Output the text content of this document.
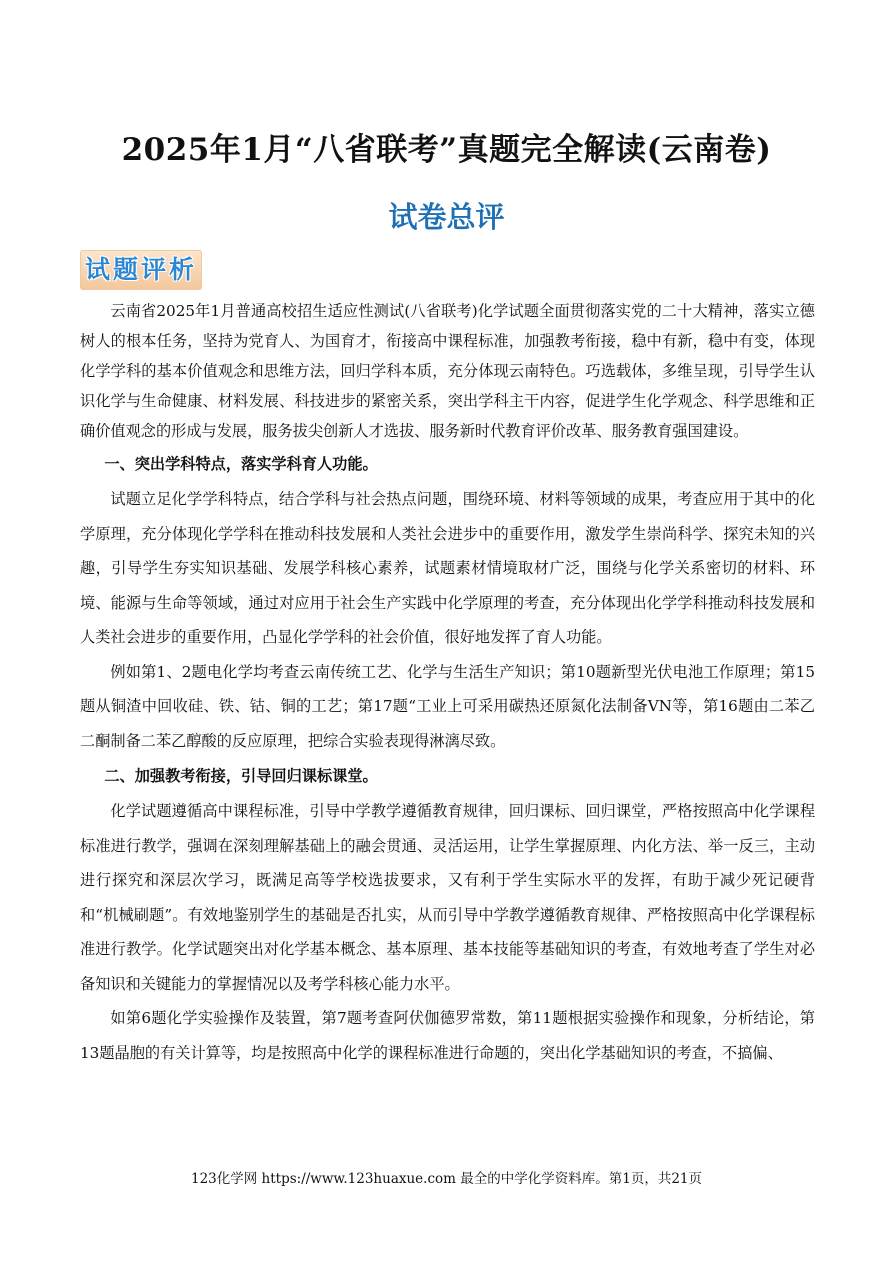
2025年1月“八省联考”真题完全解读(云南卷)
试卷总评
试题评析

云南省2025年1月普通高校招生适应性测试(八省联考)化学试题全面贯彻落实党的二十大精神，落实立德树人的根本任务，坚持为党育人、为国育才，衔接高中课程标准，加强教考衔接，稳中有新，稳中有变，体现化学学科的基本价值观念和思维方法，回归学科本质，充分体现云南特色。巧选载体，多维呈现，引导学生认识化学与生命健康、材料发展、科技进步的紧密关系，突出学科主干内容，促进学生化学观念、科学思维和正确价值观念的形成与发展，服务拔尖创新人才选拔、服务新时代教育评价改革、服务教育强国建设。

一、突出学科特点，落实学科育人功能。

试题立足化学学科特点，结合学科与社会热点问题，围绕环境、材料等领域的成果，考查应用于其中的化学原理，充分体现化学学科在推动科技发展和人类社会进步中的重要作用，激发学生崇尚科学、探究未知的兴趣，引导学生夯实知识基础、发展学科核心素养，试题素材情境取材广泛，围绕与化学关系密切的材料、环境、能源与生命等领域，通过对应用于社会生产实践中化学原理的考查，充分体现出化学学科推动科技发展和人类社会进步的重要作用，凸显化学学科的社会价值，很好地发挥了育人功能。

例如第1、2题电化学均考查云南传统工艺、化学与生活生产知识；第10题新型光伏电池工作原理；第15题从铜渣中回收硅、铁、钴、铜的工艺；第17题“工业上可采用碳热还原氮化法制备VN等，第16题由二苯乙二酮制备二苯乙醇酸的反应原理，把综合实验表现得淋漓尽致。

二、加强教考衔接，引导回归课标课堂。

化学试题遵循高中课程标准，引导中学教学遵循教育规律，回归课标、回归课堂，严格按照高中化学课程标准进行教学，强调在深刻理解基础上的融会贯通、灵活运用，让学生掌握原理、内化方法、举一反三，主动进行探究和深层次学习，既满足高等学校选拔要求，又有利于学生实际水平的发挥，有助于减少死记硬背和“机械刷题”。有效地鉴别学生的基础是否扎实，从而引导中学教学遵循教育规律、严格按照高中化学课程标准进行教学。化学试题突出对化学基本概念、基本原理、基本技能等基础知识的考查，有效地考查了学生对必备知识和关键能力的掌握情况以及考学科核心能力水平。

如第6题化学实验操作及装置，第7题考查阿伏伽德罗常数，第11题根据实验操作和现象，分析结论，第13题晶胞的有关计算等，均是按照高中化学的课程标准进行命题的，突出化学基础知识的考查，不搞偏、

123化学网 https://www.123huaxue.com 最全的中学化学资料库。第1页，共21页
